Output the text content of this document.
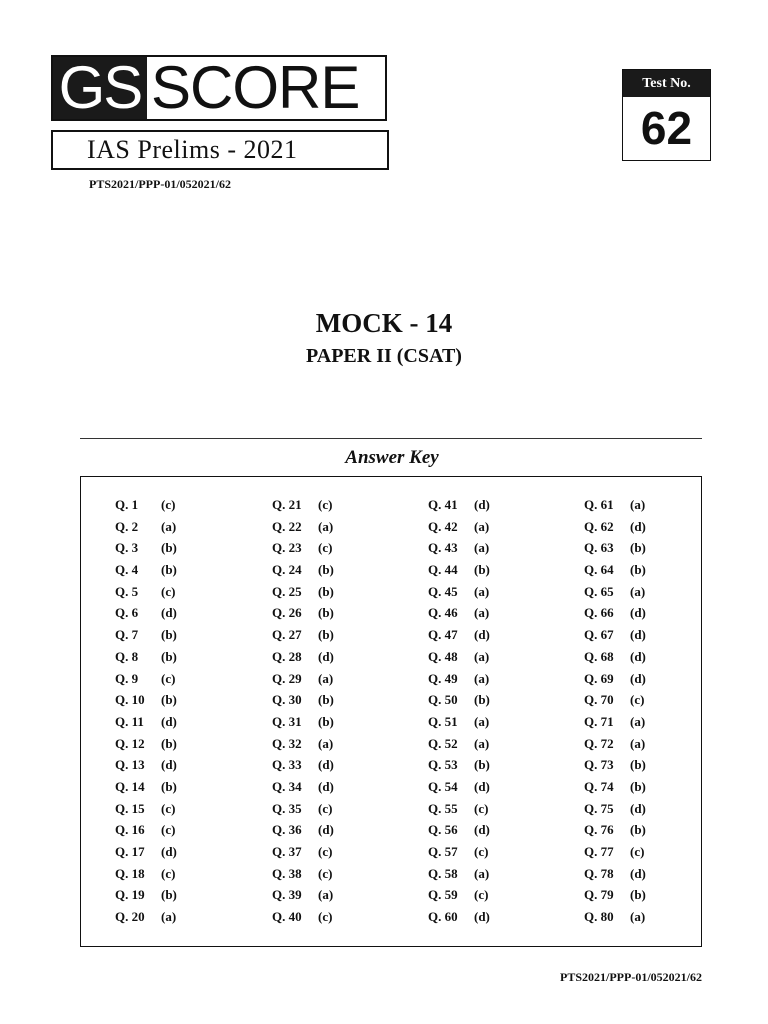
GS SCORE
IAS Prelims - 2021
PTS2021/PPP-01/052021/62
Test No.
62
MOCK - 14
PAPER II (CSAT)
Answer Key
Q. 1 (c)
Q. 2 (a)
Q. 3 (b)
Q. 4 (b)
Q. 5 (c)
Q. 6 (d)
Q. 7 (b)
Q. 8 (b)
Q. 9 (c)
Q. 10 (b)
Q. 11 (d)
Q. 12 (b)
Q. 13 (d)
Q. 14 (b)
Q. 15 (c)
Q. 16 (c)
Q. 17 (d)
Q. 18 (c)
Q. 19 (b)
Q. 20 (a)
Q. 21 (c)
Q. 22 (a)
Q. 23 (c)
Q. 24 (b)
Q. 25 (b)
Q. 26 (b)
Q. 27 (b)
Q. 28 (d)
Q. 29 (a)
Q. 30 (b)
Q. 31 (b)
Q. 32 (a)
Q. 33 (d)
Q. 34 (d)
Q. 35 (c)
Q. 36 (d)
Q. 37 (c)
Q. 38 (c)
Q. 39 (a)
Q. 40 (c)
Q. 41 (d)
Q. 42 (a)
Q. 43 (a)
Q. 44 (b)
Q. 45 (a)
Q. 46 (a)
Q. 47 (d)
Q. 48 (a)
Q. 49 (a)
Q. 50 (b)
Q. 51 (a)
Q. 52 (a)
Q. 53 (b)
Q. 54 (d)
Q. 55 (c)
Q. 56 (d)
Q. 57 (c)
Q. 58 (a)
Q. 59 (c)
Q. 60 (d)
Q. 61 (a)
Q. 62 (d)
Q. 63 (b)
Q. 64 (b)
Q. 65 (a)
Q. 66 (d)
Q. 67 (d)
Q. 68 (d)
Q. 69 (d)
Q. 70 (c)
Q. 71 (a)
Q. 72 (a)
Q. 73 (b)
Q. 74 (b)
Q. 75 (d)
Q. 76 (b)
Q. 77 (c)
Q. 78 (d)
Q. 79 (b)
Q. 80 (a)
PTS2021/PPP-01/052021/62
